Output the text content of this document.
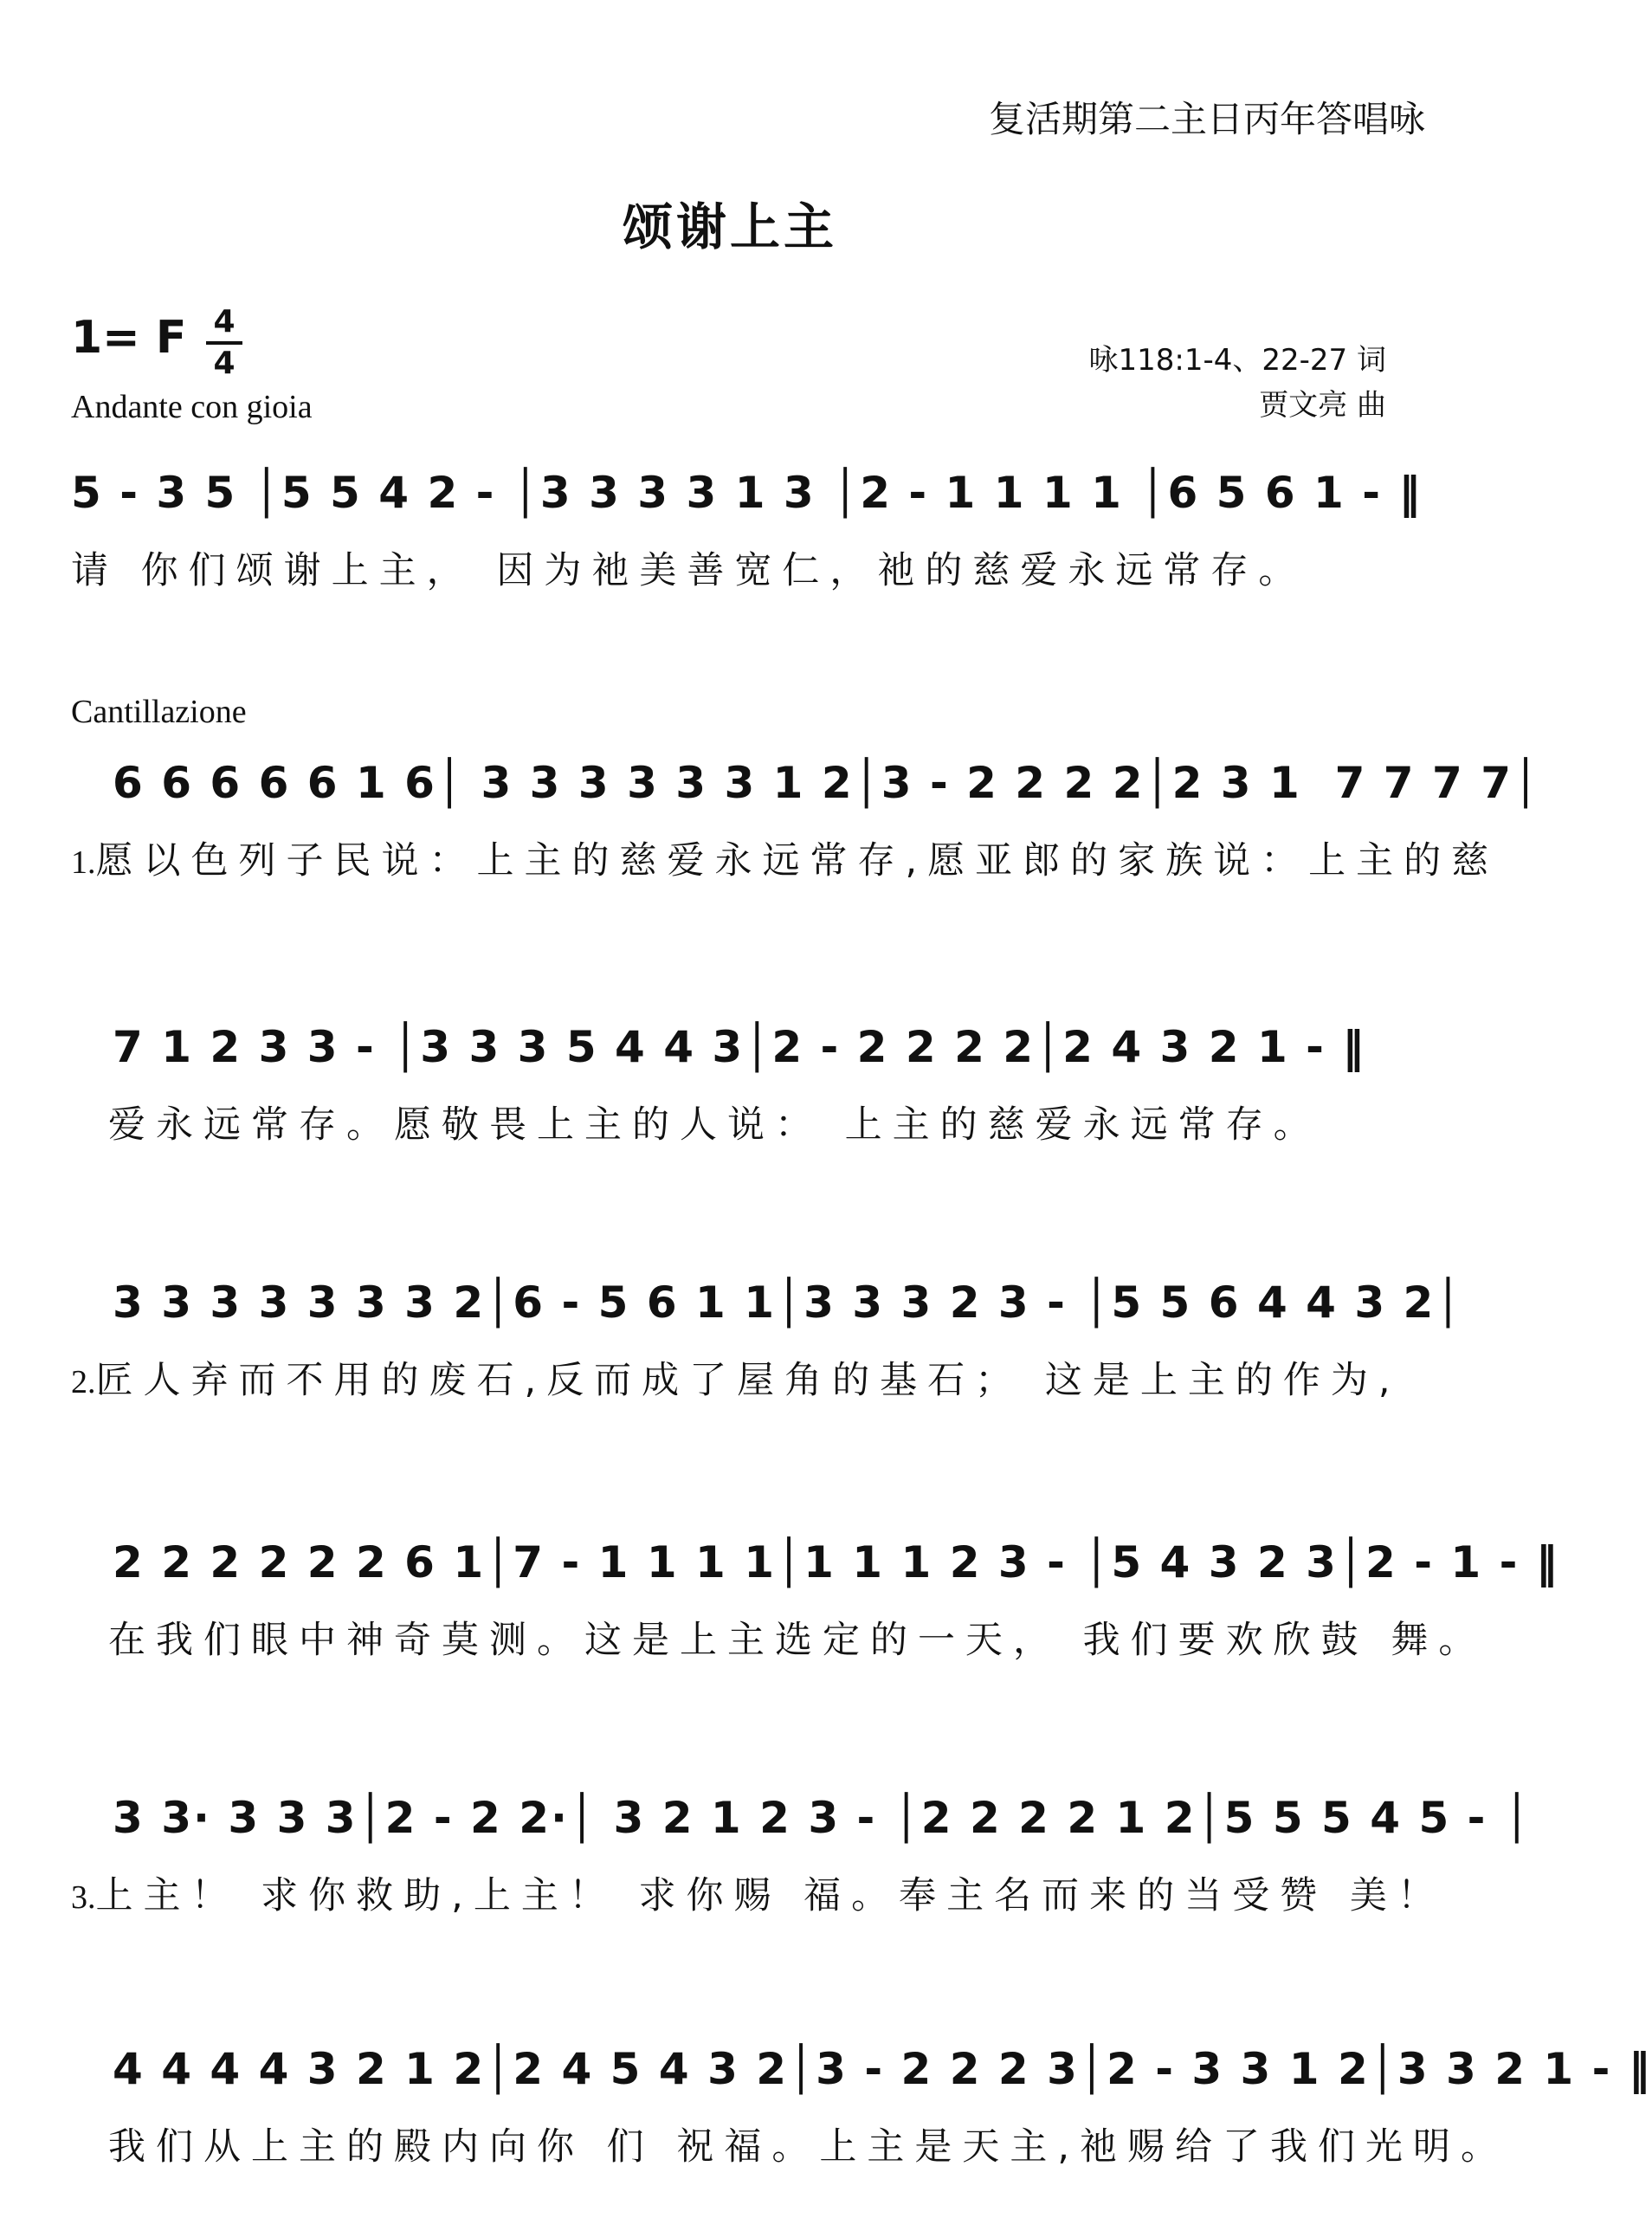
复活期第二主日丙年答唱咏
颂谢上主
1= F 4
4
Andante con gioia
咏118:1-4、22-27 词
贾文亮 曲
5 - 3 5 │5 5 4 2 - │3 3 3 3 1 3 │2 - 1 1 1 1 │6 5 6 1 - ‖
请 你们颂谢上主， 因为祂美善宽仁，祂的慈爱永远常存。
Cantillazione
6 6 6 6 6 1 6│ 3 3 3 3 3 3 1 2│3 - 2 2 2 2│2 3 1  7 7 7 7│
1.愿以色列子民说：上主的慈爱永远常存,愿亚郎的家族说：上主的慈
7 1 2 3 3 - │3 3 3 5 4 4 3│2 - 2 2 2 2│2 4 3 2 1 - ‖
爱永远常存。愿敬畏上主的人说： 上主的慈爱永远常存。
3 3 3 3 3 3 3 2│6 - 5 6 1 1│3 3 3 2 3 - │5 5 6 4 4 3 2│
2.匠人弃而不用的废石,反而成了屋角的基石； 这是上主的作为,
2 2 2 2 2 2 6 1│7 - 1 1 1 1│1 1 1 2 3 - │5 4 3 2 3│2 - 1 - ‖
在我们眼中神奇莫测。这是上主选定的一天， 我们要欢欣鼓 舞。
3 3· 3 3 3│2 - 2 2·│ 3 2 1 2 3 - │2 2 2 2 1 2│5 5 5 4 5 - │
3.上主！ 求你救助,上主！ 求你赐 福。奉主名而来的当受赞 美！
4 4 4 4 3 2 1 2│2 4 5 4 3 2│3 - 2 2 2 3│2 - 3 3 1 2│3 3 2 1 - ‖
我们从上主的殿内向你 们 祝福。上主是天主,祂赐给了我们光明。
